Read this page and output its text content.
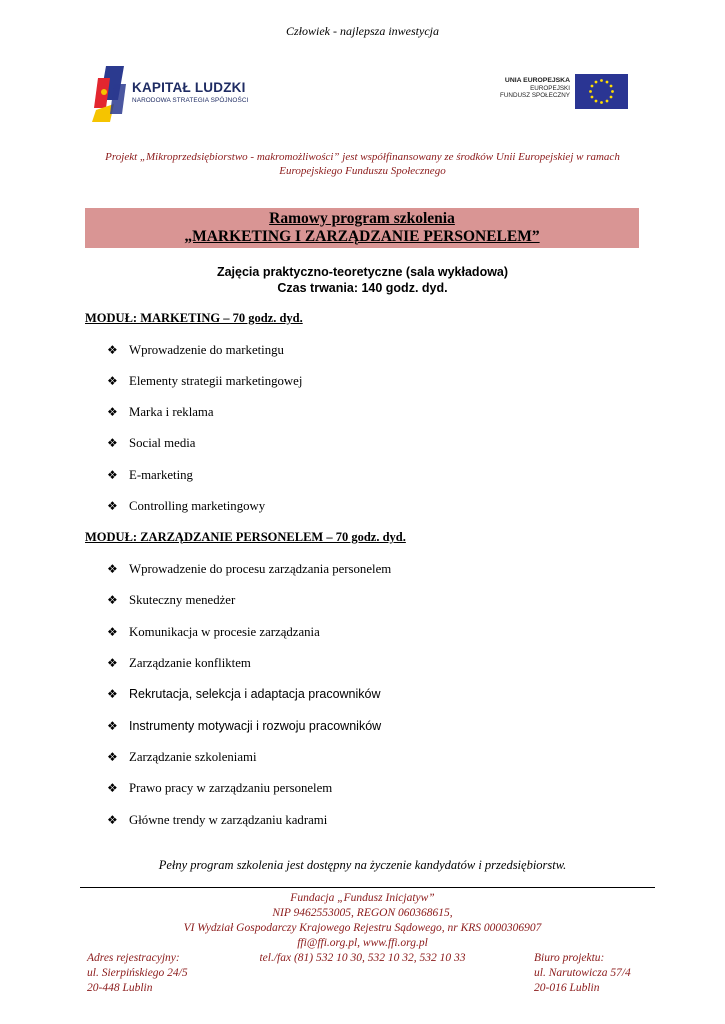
Człowiek - najlepsza inwestycja
KAPITAŁ LUDZKI
NARODOWA STRATEGIA SPÓJNOŚCI
UNIA EUROPEJSKA
EUROPEJSKI
FUNDUSZ SPOŁECZNY
Projekt „Mikroprzedsiębiorstwo - makromożliwości” jest współfinansowany ze środków Unii Europejskiej w ramach
Europejskiego Funduszu Społecznego
Ramowy program szkolenia
„MARKETING I ZARZĄDZANIE PERSONELEM”
Zajęcia praktyczno-teoretyczne (sala wykładowa)
Czas trwania: 140 godz. dyd.
MODUŁ: MARKETING – 70 godz. dyd.
❖ Wprowadzenie do marketingu
❖ Elementy strategii marketingowej
❖ Marka i reklama
❖ Social media
❖ E-marketing
❖ Controlling marketingowy
MODUŁ: ZARZĄDZANIE PERSONELEM – 70 godz. dyd.
❖ Wprowadzenie do procesu zarządzania personelem
❖ Skuteczny menedżer
❖ Komunikacja w procesie zarządzania
❖ Zarządzanie konfliktem
❖ Rekrutacja, selekcja i adaptacja pracowników
❖ Instrumenty motywacji i rozwoju pracowników
❖ Zarządzanie szkoleniami
❖ Prawo pracy w zarządzaniu personelem
❖ Główne trendy w zarządzaniu kadrami
Pełny program szkolenia jest dostępny na życzenie kandydatów i przedsiębiorstw.
Fundacja „Fundusz Inicjatyw”
NIP 9462553005, REGON 060368615,
VI Wydział Gospodarczy Krajowego Rejestru Sądowego, nr KRS 0000306907
ffi@ffi.org.pl, www.ffi.org.pl
tel./fax (81) 532 10 30, 532 10 32, 532 10 33
Adres rejestracyjny:
ul. Sierpińskiego 24/5
20-448 Lublin
Biuro projektu:
ul. Narutowicza 57/4
20-016 Lublin
